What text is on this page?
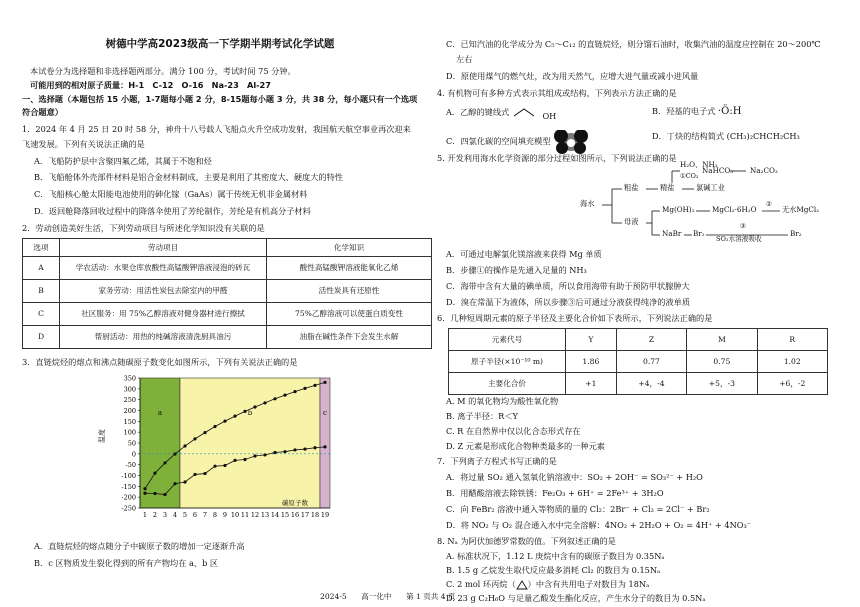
树德中学高2023级高一下学期半期考试化学试题
本试卷分为选择题和非选择题两部分。满分 100 分，考试时间 75 分钟。
可能用到的相对原子质量：H-1　C-12　O-16　Na-23　Al-27
一、选择题（本题包括 15 小题，1-7题每小题 2 分，8-15题每小题 3 分，共 38 分，每小题只有一个选项
符合题意）
1．2024 年 4 月 25 日 20 时 58 分，神舟十八号载人飞船点火升空成功发射，我国航天航空事业再次迎来
飞速发展。下列有关说法正确的是
A．飞船防护层中含聚四氟乙烯，其属于不饱和烃
B．飞船舱体外壳部件材料是铝合金材料制成，主要是利用了其密度大、硬度大的特性
C．飞船核心舱太阳能电池使用的砷化镓（GaAs）属于传统无机非金属材料
D．返回舱降落回收过程中的降落伞使用了芳纶制作，芳纶是有机高分子材料
2．劳动创造美好生活，下列劳动项目与所述化学知识没有关联的是
选项	劳动项目	化学知识
A	学农活动：水果仓库放酸性高锰酸钾溶液浸泡的砖瓦	酸性高锰酸钾溶液能氧化乙烯
B	家务劳动：用活性炭包去除室内的甲醛	活性炭具有还原性
C	社区服务：用 75%乙醇溶液对健身器材进行擦拭	75%乙醇溶液可以使蛋白质变性
D	帮厨活动：用热的纯碱溶液清洗厨具油污	油脂在碱性条件下会发生水解
3．直链烷烃的熔点和沸点随碳原子数变化如图所示，下列有关说法正确的是
a	b	c
350
300
250
200
150
100
50
0
-50
-100
-150
-200
-250
1 2 3 4 5 6 7 8 9 10 11 12 13 14 15 16 17 18 19
温度
碳原子数
A．直链烷烃的熔点随分子中碳原子数的增加一定逐渐升高
B．c 区物质发生裂化得到的所有产物均在 a、b 区
C．已知汽油的化学成分为 C₅～C₁₂ 的直链烷烃，则分馏石油时，收集汽油的温度应控制在 20～200℃
左右
D．原使用煤气的燃气灶，改为用天然气，应增大进气量或减小进风量
4. 有机物可有多种方式表示其组成或结构，下列表示方法正确的是
A．乙醇的键线式	OH	B．羟基的电子式 ·Ö:H
C．四氯化碳的空间填充模型	D．丁炔的结构简式 (CH₃)₂CHCH₂CH₃
5. 开发利用海水化学资源的部分过程如图所示，下列说法正确的是
海水
粗盐	精盐	氯碱工业
H₂O、NH₃
NaHCO₃ Na₂CO₃
①CO₂
母液
Mg(OH)₂ MgCl₂·6H₂O
②
无水MgCl₂
NaBr Br₂
③
SO₂水溶液吸收
Br₂
A．可通过电解氯化镁溶液来获得 Mg 单质
B．步骤①的操作是先通入足量的 NH₃
C．海带中含有大量的碘单质，所以食用海带有助于预防甲状腺肿大
D．溴在常温下为液体，所以步骤③后可通过分液获得纯净的液单质
6．几种短周期元素的原子半径及主要化合价如下表所示，下列说法正确的是
元素代号	Y	Z	M	R
原子半径(×10⁻¹⁰ m)	1.86	0.77	0.75	1.02
主要化合价	+1	+4，-4	+5，-3	+6，-2
A. M 的氧化物均为酸性氧化物
B. 离子半径：R＜Y
C. R 在自然界中仅以化合态形式存在
D. Z 元素是形成化合物种类最多的一种元素
7．下列离子方程式书写正确的是
A．将过量 SO₂ 通入氢氧化钠溶液中：SO₂ + 2OH⁻ = SO₃²⁻ + H₂O
B．用醋酸溶液去除铁锈：Fe₂O₃ + 6H⁺ = 2Fe³⁺ + 3H₂O
C．向 FeBr₂ 溶液中通入等物质的量的 Cl₂：2Br⁻ + Cl₂ = 2Cl⁻ + Br₂
D．将 NO₂ 与 O₂ 混合通入水中完全溶解：4NO₂ + 2H₂O + O₂ = 4H⁺ + 4NO₃⁻
8. Nₐ 为阿伏加德罗常数的值。下列叙述正确的是
A. 标准状况下，1.12 L 庚烷中含有的碳原子数目为 0.35Nₐ
B. 1.5 g 乙烷发生取代反应最多消耗 Cl₂ 的数目为 0.15Nₐ
C. 2 mol 环丙烷（ ）中含有共用电子对数目为 18Nₐ
D. 23 g C₂H₆O 与足量乙酸发生酯化反应，产生水分子的数目为 0.5Nₐ
2024-5 高一化中 第 1 页共 4 页
